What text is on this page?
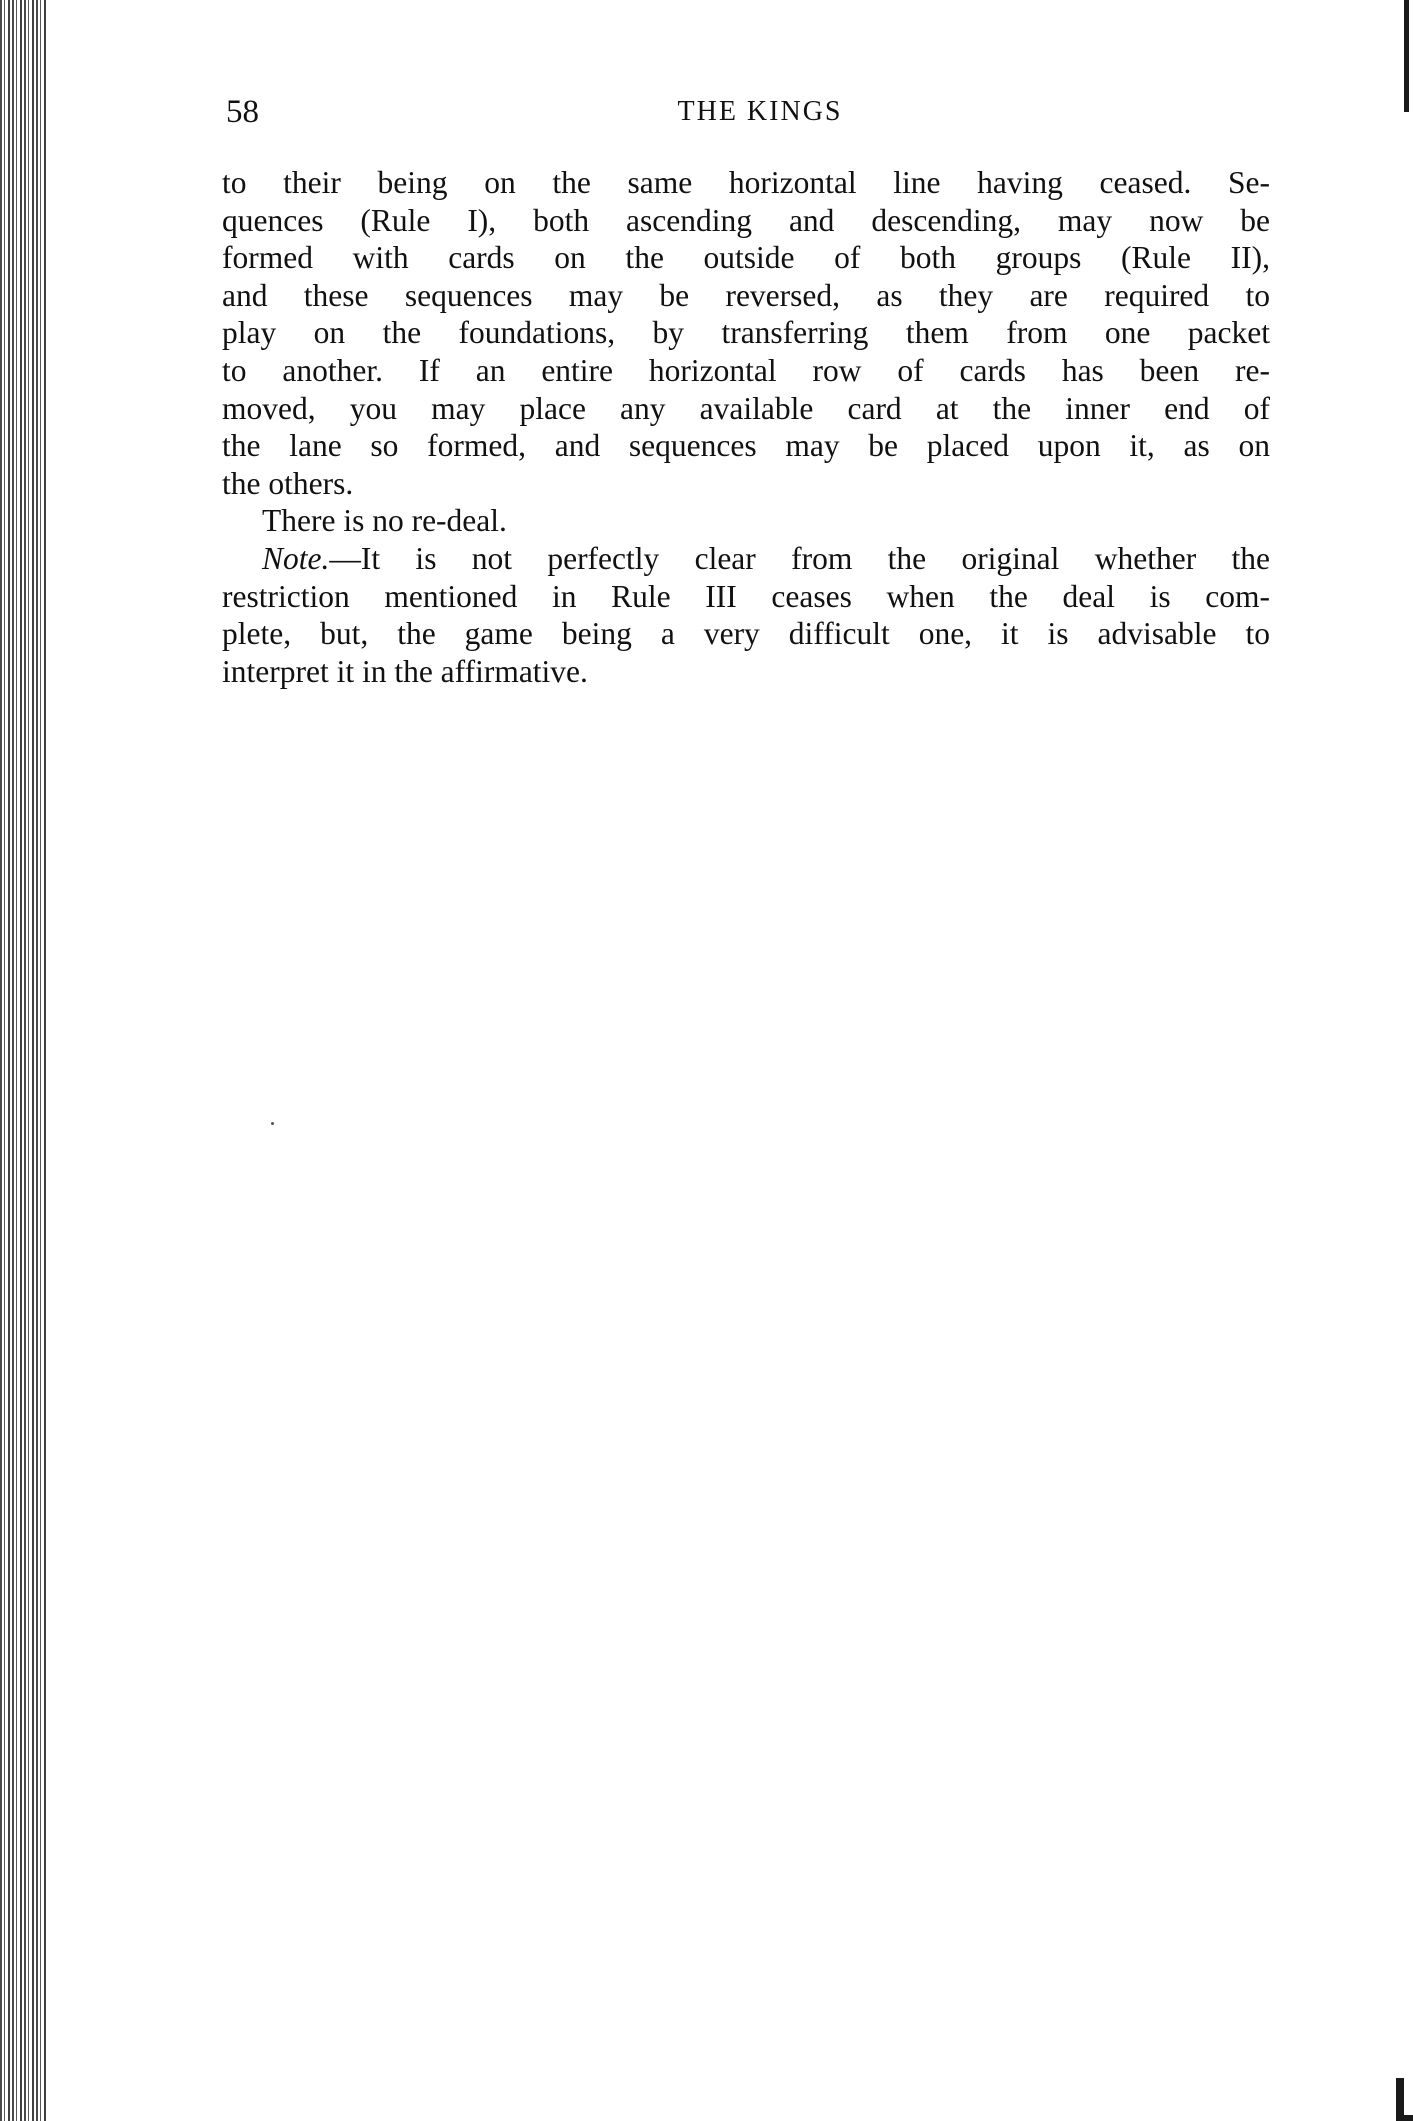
58	THE KINGS
to their being on the same horizontal line having ceased. Se-
quences (Rule I), both ascending and descending, may now be
formed with cards on the outside of both groups (Rule II),
and these sequences may be reversed, as they are required to
play on the foundations, by transferring them from one packet
to another. If an entire horizontal row of cards has been re-
moved, you may place any available card at the inner end of
the lane so formed, and sequences may be placed upon it, as on
the others.
There is no re-deal.
Note.—It is not perfectly clear from the original whether the
restriction mentioned in Rule III ceases when the deal is com-
plete, but, the game being a very difficult one, it is advisable to
interpret it in the affirmative.
